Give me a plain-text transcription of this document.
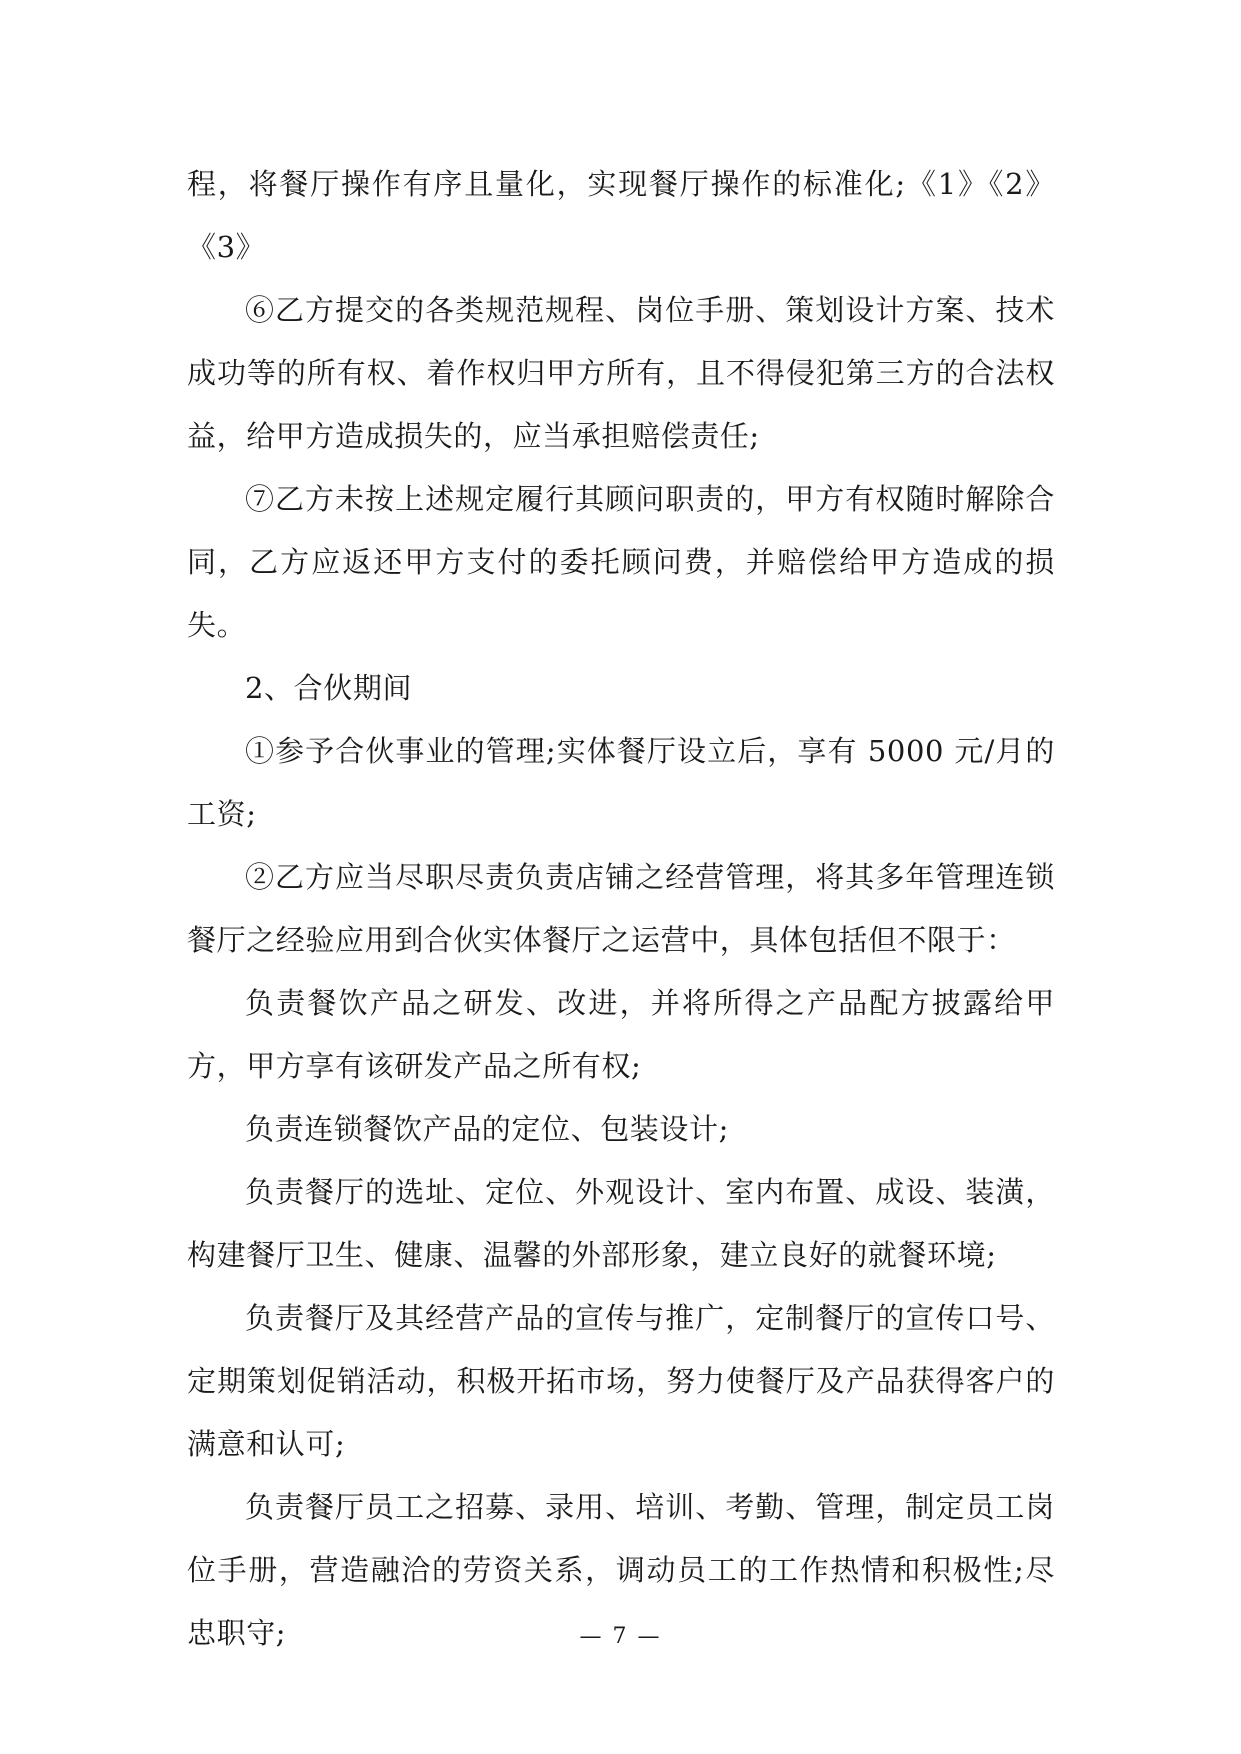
程，将餐厅操作有序且量化，实现餐厅操作的标准化;《1》《2》《3》

⑥乙方提交的各类规范规程、岗位手册、策划设计方案、技术成功等的所有权、着作权归甲方所有，且不得侵犯第三方的合法权益，给甲方造成损失的，应当承担赔偿责任;

⑦乙方未按上述规定履行其顾问职责的，甲方有权随时解除合同，乙方应返还甲方支付的委托顾问费，并赔偿给甲方造成的损失。

2、合伙期间

①参予合伙事业的管理;实体餐厅设立后，享有 5000 元/月的工资;

②乙方应当尽职尽责负责店铺之经营管理，将其多年管理连锁餐厅之经验应用到合伙实体餐厅之运营中，具体包括但不限于：

负责餐饮产品之研发、改进，并将所得之产品配方披露给甲方，甲方享有该研发产品之所有权;

负责连锁餐饮产品的定位、包装设计;

负责餐厅的选址、定位、外观设计、室内布置、成设、装潢，构建餐厅卫生、健康、温馨的外部形象，建立良好的就餐环境;

负责餐厅及其经营产品的宣传与推广，定制餐厅的宣传口号、定期策划促销活动，积极开拓市场，努力使餐厅及产品获得客户的满意和认可;

负责餐厅员工之招募、录用、培训、考勤、管理，制定员工岗位手册，营造融洽的劳资关系，调动员工的工作热情和积极性;尽忠职守;	— 7 —
